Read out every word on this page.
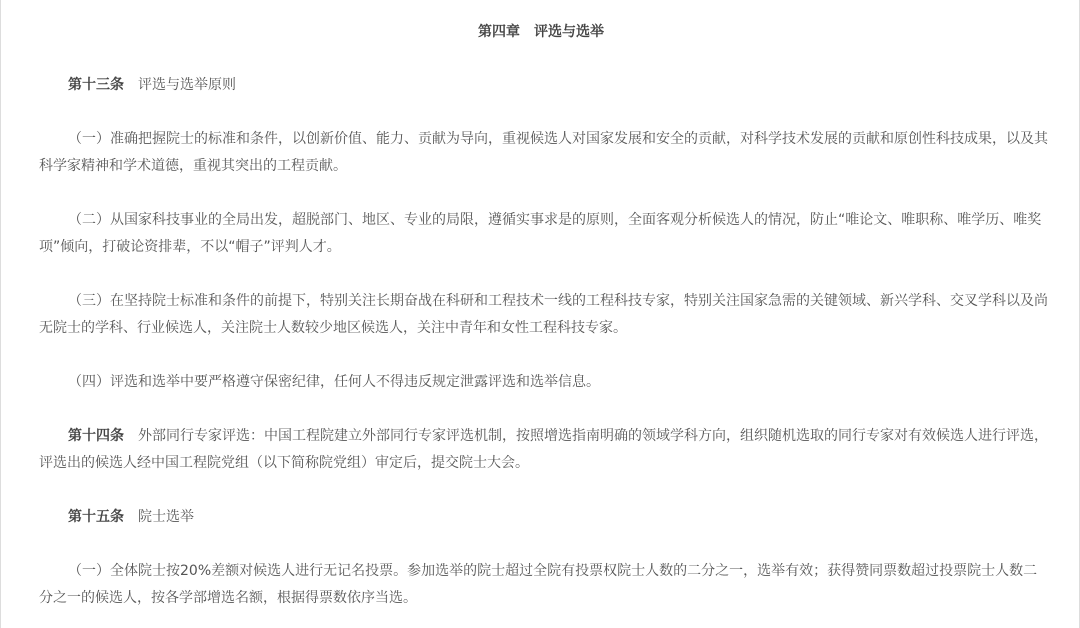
第四章　评选与选举

第十三条 评选与选举原则

（一）准确把握院士的标准和条件，以创新价值、能力、贡献为导向，重视候选人对国家发展和安全的贡献，对科学技术发展的贡献和原创性科技成果，以及其科学家精神和学术道德，重视其突出的工程贡献。

（二）从国家科技事业的全局出发，超脱部门、地区、专业的局限，遵循实事求是的原则，全面客观分析候选人的情况，防止“唯论文、唯职称、唯学历、唯奖项”倾向，打破论资排辈，不以“帽子”评判人才。

（三）在坚持院士标准和条件的前提下，特别关注长期奋战在科研和工程技术一线的工程科技专家，特别关注国家急需的关键领域、新兴学科、交叉学科以及尚无院士的学科、行业候选人，关注院士人数较少地区候选人，关注中青年和女性工程科技专家。

（四）评选和选举中要严格遵守保密纪律，任何人不得违反规定泄露评选和选举信息。

第十四条 外部同行专家评选：中国工程院建立外部同行专家评选机制，按照增选指南明确的领域学科方向，组织随机选取的同行专家对有效候选人进行评选，评选出的候选人经中国工程院党组（以下简称院党组）审定后，提交院士大会。

第十五条 院士选举

（一）全体院士按20%差额对候选人进行无记名投票。参加选举的院士超过全院有投票权院士人数的二分之一，选举有效；获得赞同票数超过投票院士人数二分之一的候选人，按各学部增选名额，根据得票数依序当选。
